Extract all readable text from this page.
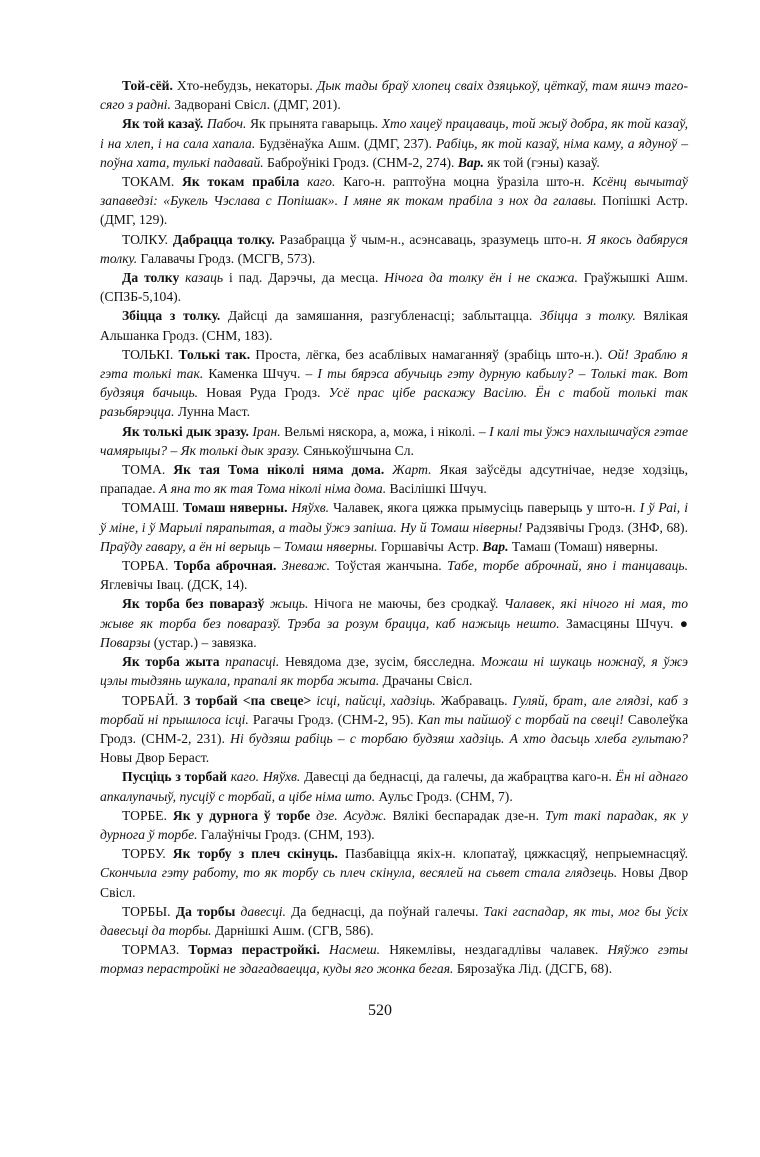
Той-сёй. Хто-небудзь, некаторы. Дык тады браў хлопец сваіх дзяцькоў, цёткаў, там яшчэ таго-сяго з радні. Задворані Свісл. (ДМГ, 201).

Як той казаў. Пабоч. Як прынята гаварыць. Хто хацеў працаваць, той жыў добра, як той казаў, і на хлеп, і на сала хапала. Будзёнаўка Ашм. (ДМГ, 237). Рабіць, як той казаў, німа каму, а ядуноў – поўна хата, тулькі падавай. Баброўнікі Гродз. (СНМ-2, 274). Вар. як той (гэны) казаў.

ТОКАМ. Як токам прабіла каго. Каго-н. раптоўна моцна ўразіла што-н. Ксёнц вычытаў запаведзі: «Букель Чэслава с Попішак». І мяне як токам прабіла з нох да галавы. Попішкі Астр. (ДМГ, 129).

ТОЛКУ. Дабрацца толку. Разабрацца ў чым-н., асэнсаваць, зразумець што-н. Я якось дабяруся толку. Галавачы Гродз. (МСГВ, 573).

Да толку казаць і пад. Дарэчы, да месца. Нічога да толку ён і не скажа. Граўжышкі Ашм. (СПЗБ-5,104).

Збіцца з толку. Дайсці да замяшання, разгубленасці; заблытацца. Збіцца з толку. Вялікая Альшанка Гродз. (СНМ, 183).

ТОЛЬКІ. Толькі так. Проста, лёгка, без асаблівых намаганняў (зрабіць што-н.). Ой! Зраблю я гэта толькі так. Каменка Шчуч. – І ты бярэса абучыць гэту дурную кабылу? – Толькі так. Вот будзяця бачыць. Новая Руда Гродз. Усё прас цібе раскажу Васілю. Ён с табой толькі так разьбярэцца. Лунна Маст.

Як толькі дык зразу. Іран. Вельмі няскора, а, можа, і ніколі. – І калі ты ўжэ нахлышчаўся гэтае чамярыцы? – Як толькі дык зразу. Сянькоўшчына Сл.

ТОМА. Як тая Тома ніколі няма дома. Жарт. Якая заўсёды адсутнічае, недзе ходзіць, прападае. А яна то як тая Тома ніколі німа дома. Васілішкі Шчуч.

ТОМАШ. Томаш няверны. Няўхв. Чалавек, якога цяжка прымусіць паверыць у штo-н. І ў Раі, і ў міне, і ў Марылі пярапытая, а тады ўжэ запіша. Ну й Томаш ніверны! Радзявічы Гродз. (ЗНФ, 68). Праўду гавару, а ён ні верыць – Томаш няверны. Горшавічы Астр. Вар. Тамаш (Томаш) няверны.

ТОРБА. Торба аброчная. Зневаж. Тоўстая жанчына. Табе, торбе аброчнай, яно і танцаваць. Яглевічы Івац. (ДСК, 14).

Як торба без поваразў жыць. Нічога не маючы, без сродкаў. Чалавек, які нічого ні мая, то жыве як торба без поваразў. Трэба за розум брацца, каб нажыць нешто. Замасцяны Шчуч. ● Поварзы (устар.) – завязка.

Як торба жыта прапасці. Невядома дзе, зусім, бясследна. Можаш ні шукаць ножнаў, я ўжэ цэлы тыдзянь шукала, прапалі як торба жыта. Драчаны Свісл.

ТОРБАЙ. З торбай <па свеце> ісці, пайсці, хадзіць. Жабраваць. Гуляй, брат, але глядзі, каб з торбай ні прышлоса ісці. Рагачы Гродз. (СНМ-2, 95). Кап ты пайшоў с торбай па свеці! Саволеўка Гродз. (СНМ-2, 231). Ні будзяш рабіць – с торбаю будзяш хадзіць. А хто дасьць хлеба гультаю? Новы Двор Бераст.

Пусціць з торбай каго. Няўхв. Давесці да беднасці, да галечы, да жабрацтва каго-н. Ён ні аднаго апкалупачыў, пусціў с торбай, а цібе німа што. Аульс Гродз. (СНМ, 7).

ТОРБЕ. Як у дурнога ў торбе дзе. Асудж. Вялікі беспарадак дзе-н. Тут такі парадак, як у дурнога ў торбе. Галаўнічы Гродз. (СНМ, 193).

ТОРБУ. Як торбу з плеч скінуць. Пазбавіцца якіх-н. клопатаў, цяжкасцяў, непрыемнасцяў. Скончыла гэту работу, то як торбу сь плеч скінула, весялей на сьвет стала глядзець. Новы Двор Свісл.

ТОРБЫ. Да торбы давесці. Да беднасці, да поўнай галечы. Такі гаспадар, як ты, мог бы ўсіх давесьці да торбы. Дарнішкі Ашм. (СГВ, 586).

ТОРМАЗ. Тормаз перастройкі. Насмеш. Някемлівы, нездагадлівы чалавек. Няўжо гэты тормаз перастройкі не здагадваецца, куды яго жонка бегая. Бярозаўка Лід. (ДСГБ, 68).

520
